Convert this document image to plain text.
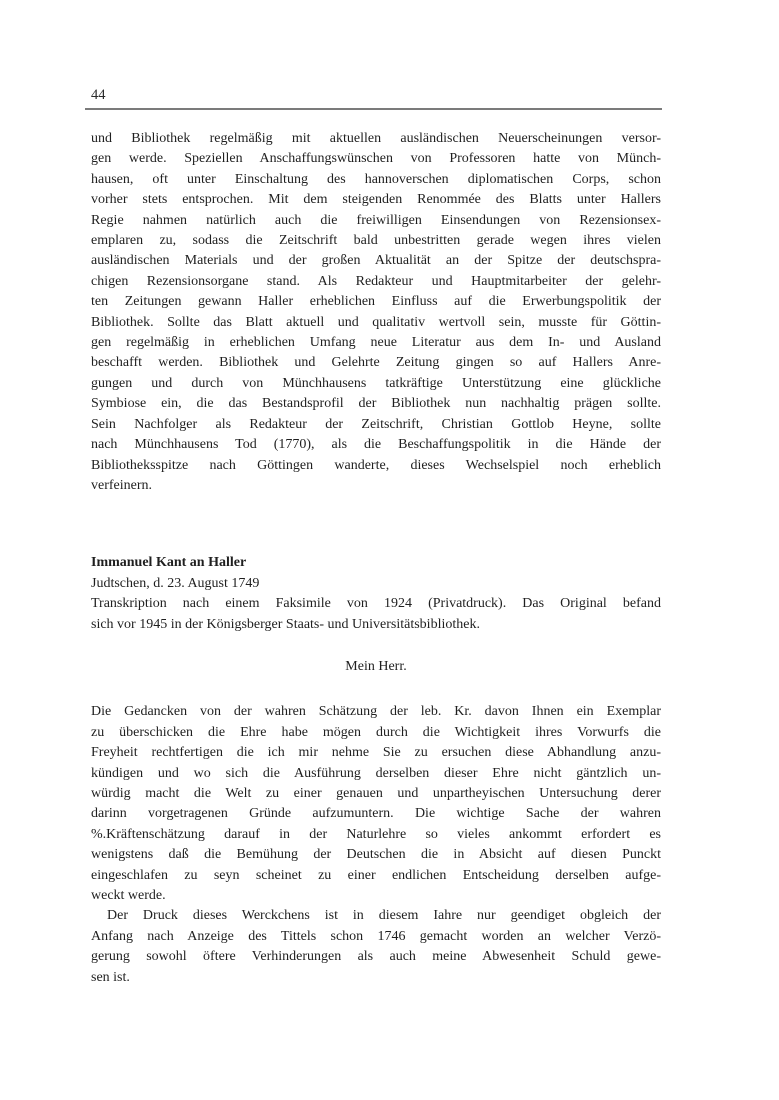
44
und Bibliothek regelmäßig mit aktuellen ausländischen Neuerscheinungen versor-
gen werde. Speziellen Anschaffungswünschen von Professoren hatte von Münch-
hausen, oft unter Einschaltung des hannoverschen diplomatischen Corps, schon
vorher stets entsprochen. Mit dem steigenden Renommée des Blatts unter Hallers
Regie nahmen natürlich auch die freiwilligen Einsendungen von Rezensionsex-
emplaren zu, sodass die Zeitschrift bald unbestritten gerade wegen ihres vielen
ausländischen Materials und der großen Aktualität an der Spitze der deutschspra-
chigen Rezensionsorgane stand. Als Redakteur und Hauptmitarbeiter der gelehr-
ten Zeitungen gewann Haller erheblichen Einfluss auf die Erwerbungspolitik der
Bibliothek. Sollte das Blatt aktuell und qualitativ wertvoll sein, musste für Göttin-
gen regelmäßig in erheblichen Umfang neue Literatur aus dem In- und Ausland
beschafft werden. Bibliothek und Gelehrte Zeitung gingen so auf Hallers Anre-
gungen und durch von Münchhausens tatkräftige Unterstützung eine glückliche
Symbiose ein, die das Bestandsprofil der Bibliothek nun nachhaltig prägen sollte.
Sein Nachfolger als Redakteur der Zeitschrift, Christian Gottlob Heyne, sollte
nach Münchhausens Tod (1770), als die Beschaffungspolitik in die Hände der
Bibliotheksspitze nach Göttingen wanderte, dieses Wechselspiel noch erheblich
verfeinern.
Immanuel Kant an Haller
Judtschen, d. 23. August 1749
Transkription nach einem Faksimile von 1924 (Privatdruck). Das Original befand
sich vor 1945 in der Königsberger Staats- und Universitätsbibliothek.
Mein Herr.
Die Gedancken von der wahren Schätzung der leb. Kr. davon Ihnen ein Exemplar
zu überschicken die Ehre habe mögen durch die Wichtigkeit ihres Vorwurfs die
Freyheit rechtfertigen die ich mir nehme Sie zu ersuchen diese Abhandlung anzu-
kündigen und wo sich die Ausführung derselben dieser Ehre nicht gäntzlich un-
würdig macht die Welt zu einer genauen und unpartheyischen Untersuchung derer
darinn vorgetragenen Gründe aufzumuntern. Die wichtige Sache der wahren
%.Kräftenschätzung darauf in der Naturlehre so vieles ankommt erfordert es
wenigstens daß die Bemühung der Deutschen die in Absicht auf diesen Punckt
eingeschlafen zu seyn scheinet zu einer endlichen Entscheidung derselben aufge-
weckt werde.
Der Druck dieses Werckchens ist in diesem Iahre nur geendiget obgleich der
Anfang nach Anzeige des Tittels schon 1746 gemacht worden an welcher Verzö-
gerung sowohl öftere Verhinderungen als auch meine Abwesenheit Schuld gewe-
sen ist.
